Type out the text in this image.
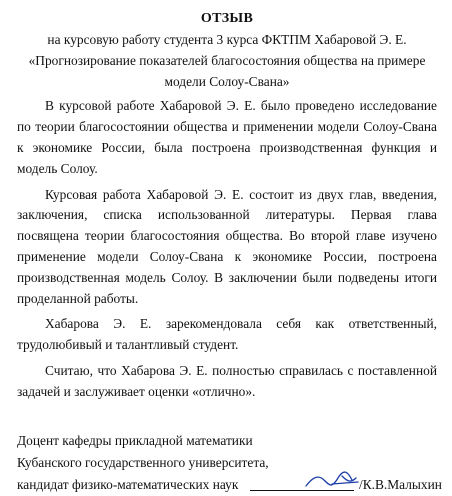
ОТЗЫВ
на курсовую работу студента 3 курса ФКТПМ Хабаровой Э. Е.
«Прогнозирование показателей благосостояния общества на примере модели Солоу-Свана»

В курсовой работе Хабаровой Э. Е. было проведено исследование по теории благосостоянии общества и применении модели Солоу-Свана к экономике России, была построена производственная функция и модель Солоу.

Курсовая работа Хабаровой Э. Е. состоит из двух глав, введения, заключения, списка использованной литературы. Первая глава посвящена теории благосостояния общества. Во второй главе изучено применение модели Солоу-Свана к экономике России, построена производственная модель Солоу. В заключении были подведены итоги проделанной работы.

Хабарова Э. Е. зарекомендовала себя как ответственный, трудолюбивый и талантливый студент.

Считаю, что Хабарова Э. Е. полностью справилась с поставленной задачей и заслуживает оценки «отлично».

Доцент кафедры прикладной математики
Кубанского государственного университета,
кандидат физико-математических наук	/К.В.Малыхин
